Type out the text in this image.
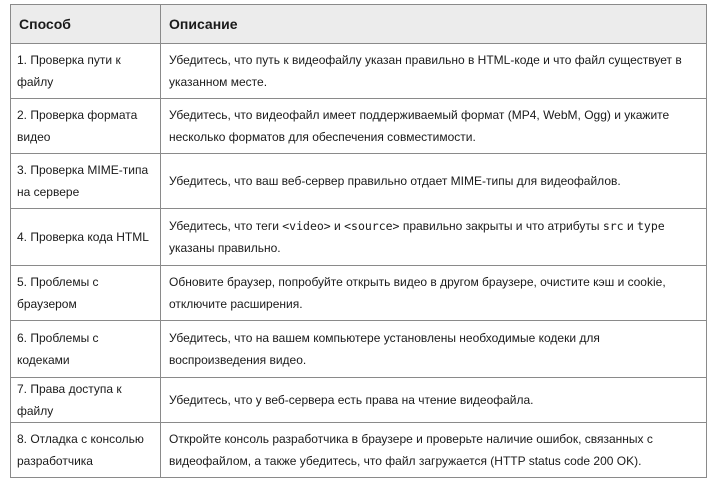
Способ	Описание
1. Проверка пути к файлу	Убедитесь, что путь к видеофайлу указан правильно в HTML-коде и что файл существует в указанном месте.
2. Проверка формата видео	Убедитесь, что видеофайл имеет поддерживаемый формат (MP4, WebM, Ogg) и укажите несколько форматов для обеспечения совместимости.
3. Проверка MIME-типа на сервере	Убедитесь, что ваш веб-сервер правильно отдает MIME-типы для видеофайлов.
4. Проверка кода HTML	Убедитесь, что теги <video> и <source> правильно закрыты и что атрибуты src и type указаны правильно.
5. Проблемы с браузером	Обновите браузер, попробуйте открыть видео в другом браузере, очистите кэш и cookie, отключите расширения.
6. Проблемы с кодеками	Убедитесь, что на вашем компьютере установлены необходимые кодеки для воспроизведения видео.
7. Права доступа к файлу	Убедитесь, что у веб-сервера есть права на чтение видеофайла.
8. Отладка с консолью разработчика	Откройте консоль разработчика в браузере и проверьте наличие ошибок, связанных с видеофайлом, а также убедитесь, что файл загружается (HTTP status code 200 OK).
